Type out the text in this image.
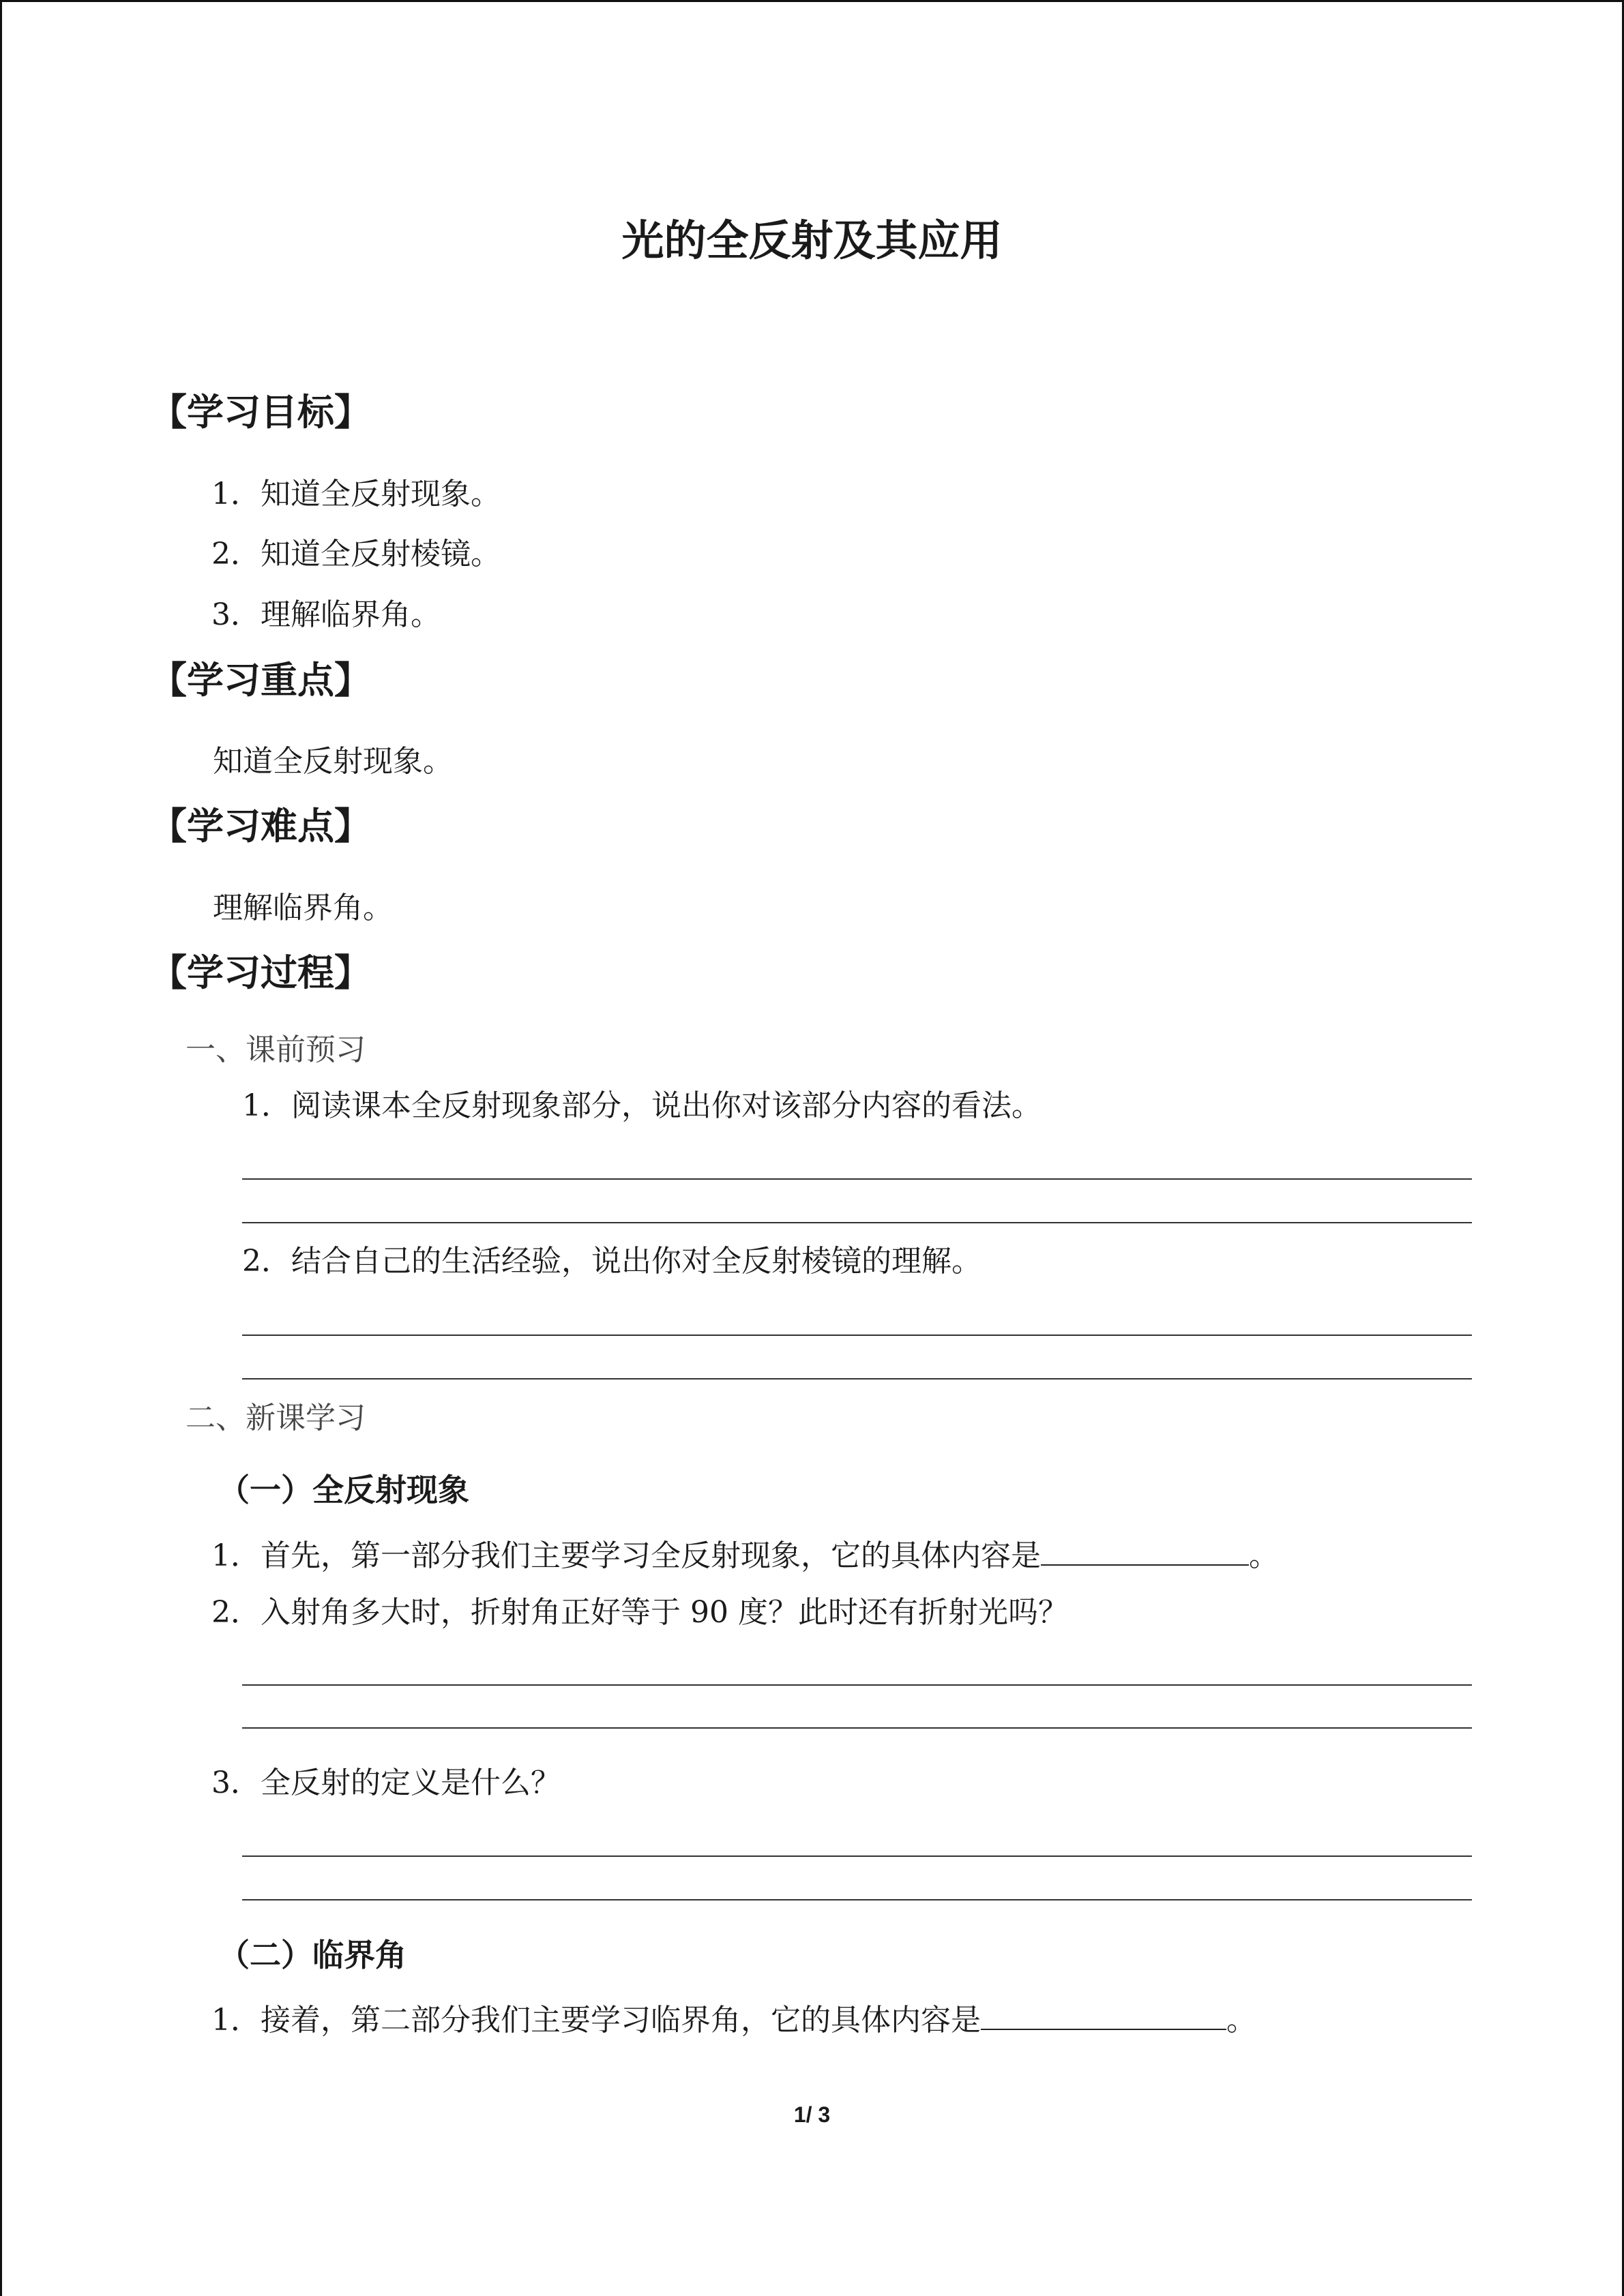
光的全反射及其应用
【学习目标】
1．知道全反射现象。
2．知道全反射棱镜。
3．理解临界角。
【学习重点】
知道全反射现象。
【学习难点】
理解临界角。
【学习过程】
一、课前预习
1．阅读课本全反射现象部分，说出你对该部分内容的看法。
2．结合自己的生活经验，说出你对全反射棱镜的理解。
二、新课学习
（一）全反射现象
1．首先，第一部分我们主要学习全反射现象，它的具体内容是	。
2．入射角多大时，折射角正好等于 90 度？此时还有折射光吗？
3．全反射的定义是什么？
（二）临界角
1．接着，第二部分我们主要学习临界角，它的具体内容是	。
1/ 3
